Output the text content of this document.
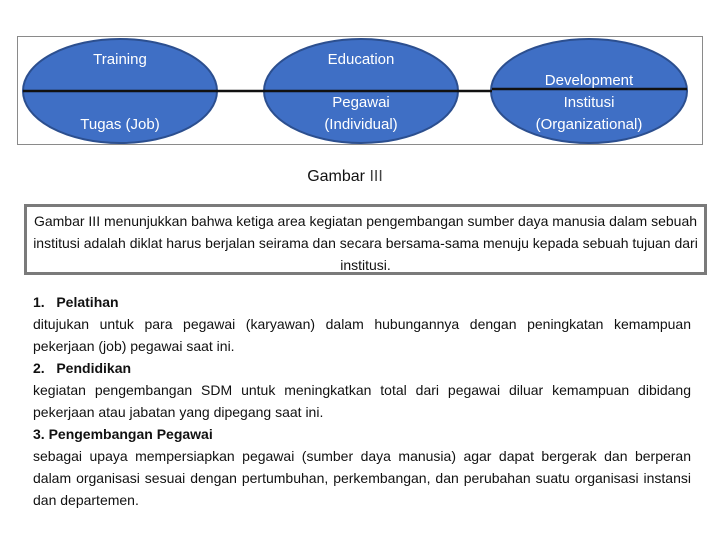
Training
Tugas (Job)
Education
Pegawai
(Individual)
Development
Institusi
(Organizational)
Gambar III
Gambar III menunjukkan bahwa ketiga area kegiatan pengembangan sumber daya manusia dalam sebuah institusi adalah diklat harus berjalan seirama dan secara bersama-sama menuju kepada sebuah tujuan dari institusi.
1.   Pelatihan
ditujukan untuk para pegawai (karyawan) dalam hubungannya dengan peningkatan kemampuan pekerjaan (job) pegawai saat ini.
2.   Pendidikan
kegiatan pengembangan SDM untuk meningkatkan total dari pegawai diluar kemampuan dibidang pekerjaan atau jabatan yang dipegang saat ini.
3. Pengembangan Pegawai
sebagai upaya mempersiapkan pegawai (sumber daya manusia) agar dapat bergerak dan berperan dalam organisasi sesuai dengan pertumbuhan, perkembangan, dan perubahan suatu organisasi instansi dan departemen.
